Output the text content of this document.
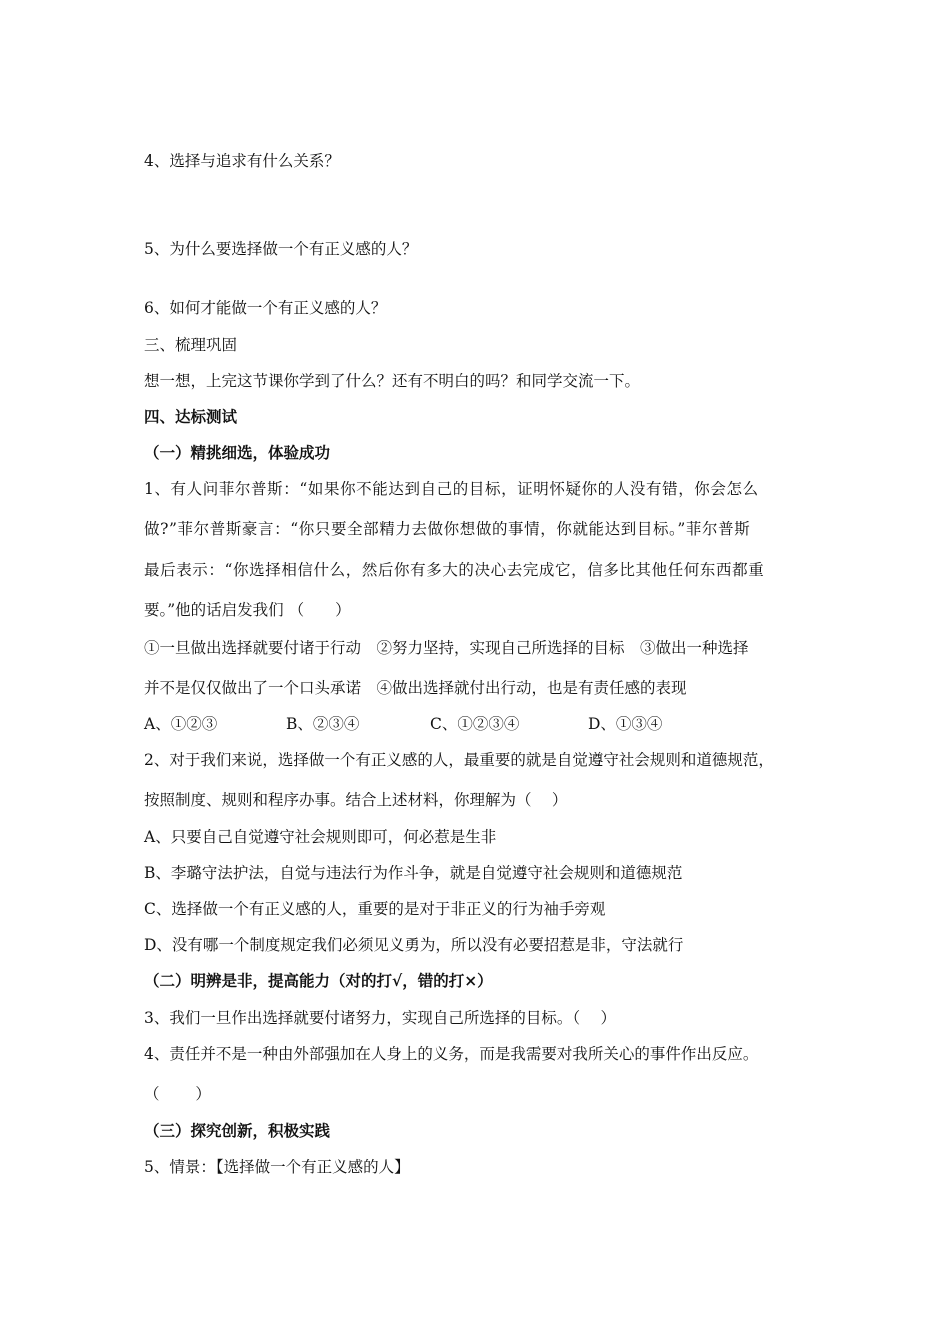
4、选择与追求有什么关系？
5、为什么要选择做一个有正义感的人？
6、如何才能做一个有正义感的人？
三、梳理巩固
想一想，上完这节课你学到了什么？还有不明白的吗？和同学交流一下。
四、达标测试
（一）精挑细选，体验成功
1、有人问菲尔普斯：“如果你不能达到自己的目标，证明怀疑你的人没有错，你会怎么
做?”菲尔普斯豪言：“你只要全部精力去做你想做的事情，你就能达到目标。”菲尔普斯
最后表示：“你选择相信什么，然后你有多大的决心去完成它，信多比其他任何东西都重
要。”他的话启发我们 （　　）
①一旦做出选择就要付诸于行动　②努力坚持，实现自己所选择的目标　③做出一种选择
并不是仅仅做出了一个口头承诺　④做出选择就付出行动，也是有责任感的表现
A、①②③	B、②③④	C、①②③④	D、①③④
2、对于我们来说，选择做一个有正义感的人，最重要的就是自觉遵守社会规则和道德规范，
按照制度、规则和程序办事。结合上述材料，你理解为（　 ）
A、只要自己自觉遵守社会规则即可，何必惹是生非
B、李璐守法护法，自觉与违法行为作斗争，就是自觉遵守社会规则和道德规范
C、选择做一个有正义感的人，重要的是对于非正义的行为袖手旁观
D、没有哪一个制度规定我们必须见义勇为，所以没有必要招惹是非，守法就行
（二）明辨是非，提高能力（对的打√，错的打×）
3、我们一旦作出选择就要付诸努力，实现自己所选择的目标。（　 ）
4、责任并不是一种由外部强加在人身上的义务，而是我需要对我所关心的事件作出反应。
（　　 ）
（三）探究创新，积极实践
5、情景：【选择做一个有正义感的人】
